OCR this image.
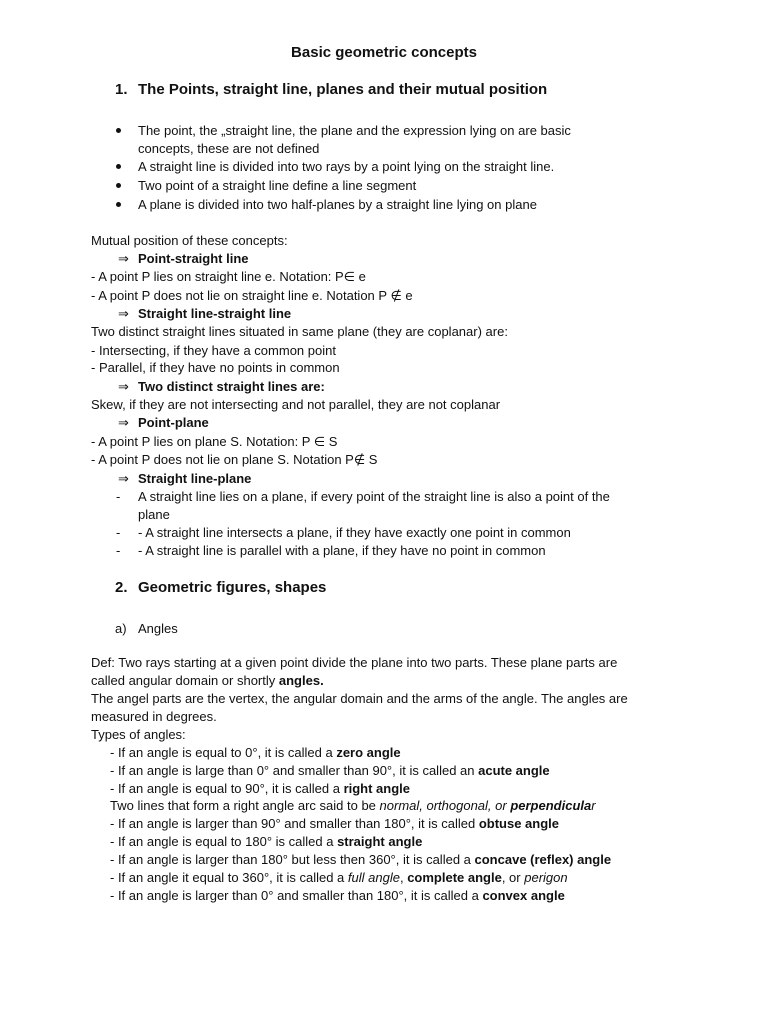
Basic geometric concepts
1. The Points, straight line, planes and their mutual position
The point, the „straight line, the plane and the expression lying on are basic
concepts, these are not defined
A straight line is divided into two rays by a point lying on the straight line.
Two point of a straight line define a line segment
A plane is divided into two half-planes by a straight line lying on plane
Mutual position of these concepts:
⇒ Point-straight line
- A point P lies on straight line e. Notation: P∈ e
- A point P does not lie on straight line e. Notation P ∉ e
⇒ Straight line-straight line
Two distinct straight lines situated in same plane (they are coplanar) are:
- Intersecting, if they have a common point
- Parallel, if they have no points in common
⇒ Two distinct straight lines are:
Skew, if they are not intersecting and not parallel, they are not coplanar
⇒ Point-plane
- A point P lies on plane S. Notation: P ∈ S
- A point P does not lie on plane S. Notation P∉ S
⇒ Straight line-plane
- A straight line lies on a plane, if every point of the straight line is also a point of the
plane
- - A straight line intersects a plane, if they have exactly one point in common
- - A straight line is parallel with a plane, if they have no point in common
2. Geometric figures, shapes
a) Angles
Def: Two rays starting at a given point divide the plane into two parts. These plane parts are
called angular domain or shortly angles.
The angel parts are the vertex, the angular domain and the arms of the angle. The angles are
measured in degrees.
Types of angles:
- If an angle is equal to 0°, it is called a zero angle
- If an angle is large than 0° and smaller than 90°, it is called an acute angle
- If an angle is equal to 90°, it is called a right angle
Two lines that form a right angle arc said to be normal, orthogonal, or perpendicular
- If an angle is larger than 90° and smaller than 180°, it is called obtuse angle
- If an angle is equal to 180° is called a straight angle
- If an angle is larger than 180° but less then 360°, it is called a concave (reflex) angle
- If an angle it equal to 360°, it is called a full angle, complete angle, or perigon
- If an angle is larger than 0° and smaller than 180°, it is called a convex angle
